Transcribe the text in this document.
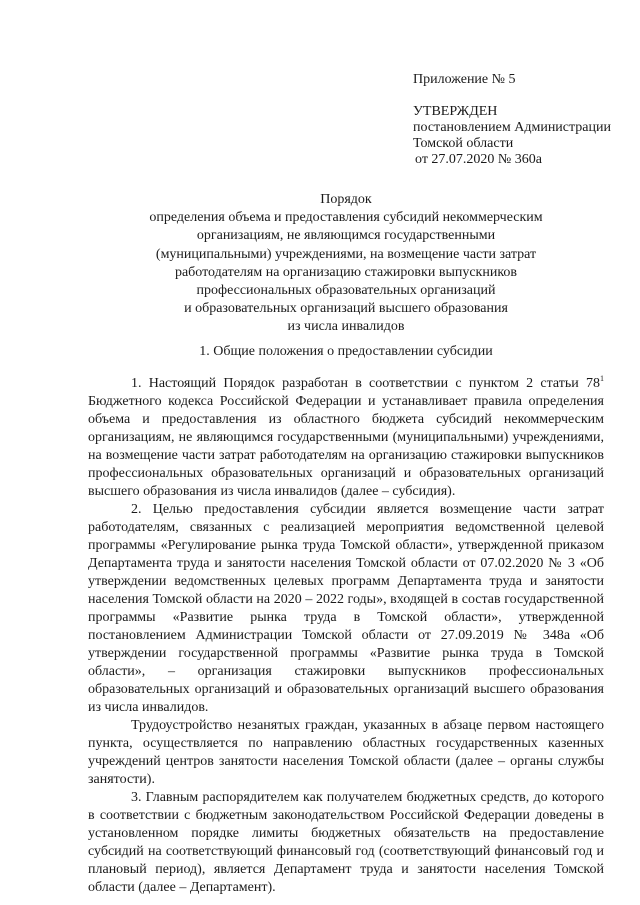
Приложение № 5
УТВЕРЖДЕН
постановлением Администрации
Томской области
от 27.07.2020 № 360а
Порядок
определения объема и предоставления субсидий некоммерческим
организациям, не являющимся государственными
(муниципальными) учреждениями, на возмещение части затрат
работодателям на организацию стажировки выпускников
профессиональных образовательных организаций
и образовательных организаций высшего образования
из числа инвалидов
1. Общие положения о предоставлении субсидии

1. Настоящий Порядок разработан в соответствии с пунктом 2 статьи $78^1$ Бюджетного кодекса Российской Федерации и устанавливает правила определения объема и предоставления из областного бюджета субсидий некоммерческим организациям, не являющимся государственными (муниципальными) учреждениями, на возмещение части затрат работодателям на организацию стажировки выпускников профессиональных образовательных организаций и образовательных организаций высшего образования из числа инвалидов (далее – субсидия).

2. Целью предоставления субсидии является возмещение части затрат работодателям, связанных с реализацией мероприятия ведомственной целевой программы «Регулирование рынка труда Томской области», утвержденной приказом Департамента труда и занятости населения Томской области от 07.02.2020 № 3 «Об утверждении ведомственных целевых программ Департамента труда и занятости населения Томской области на 2020 – 2022 годы», входящей в состав государственной программы «Развитие рынка труда в Томской области», утвержденной постановлением Администрации Томской области от 27.09.2019 № 348а «Об утверждении государственной программы «Развитие рынка труда в Томской области», – организация стажировки выпускников профессиональных образовательных организаций и образовательных организаций высшего образования из числа инвалидов.

Трудоустройство незанятых граждан, указанных в абзаце первом настоящего пункта, осуществляется по направлению областных государственных казенных учреждений центров занятости населения Томской области (далее – органы службы занятости).

3. Главным распорядителем как получателем бюджетных средств, до которого в соответствии с бюджетным законодательством Российской Федерации доведены в установленном порядке лимиты бюджетных обязательств на предоставление субсидий на соответствующий финансовый год (соответствующий финансовый год и плановый период), является Департамент труда и занятости населения Томской области (далее – Департамент).
